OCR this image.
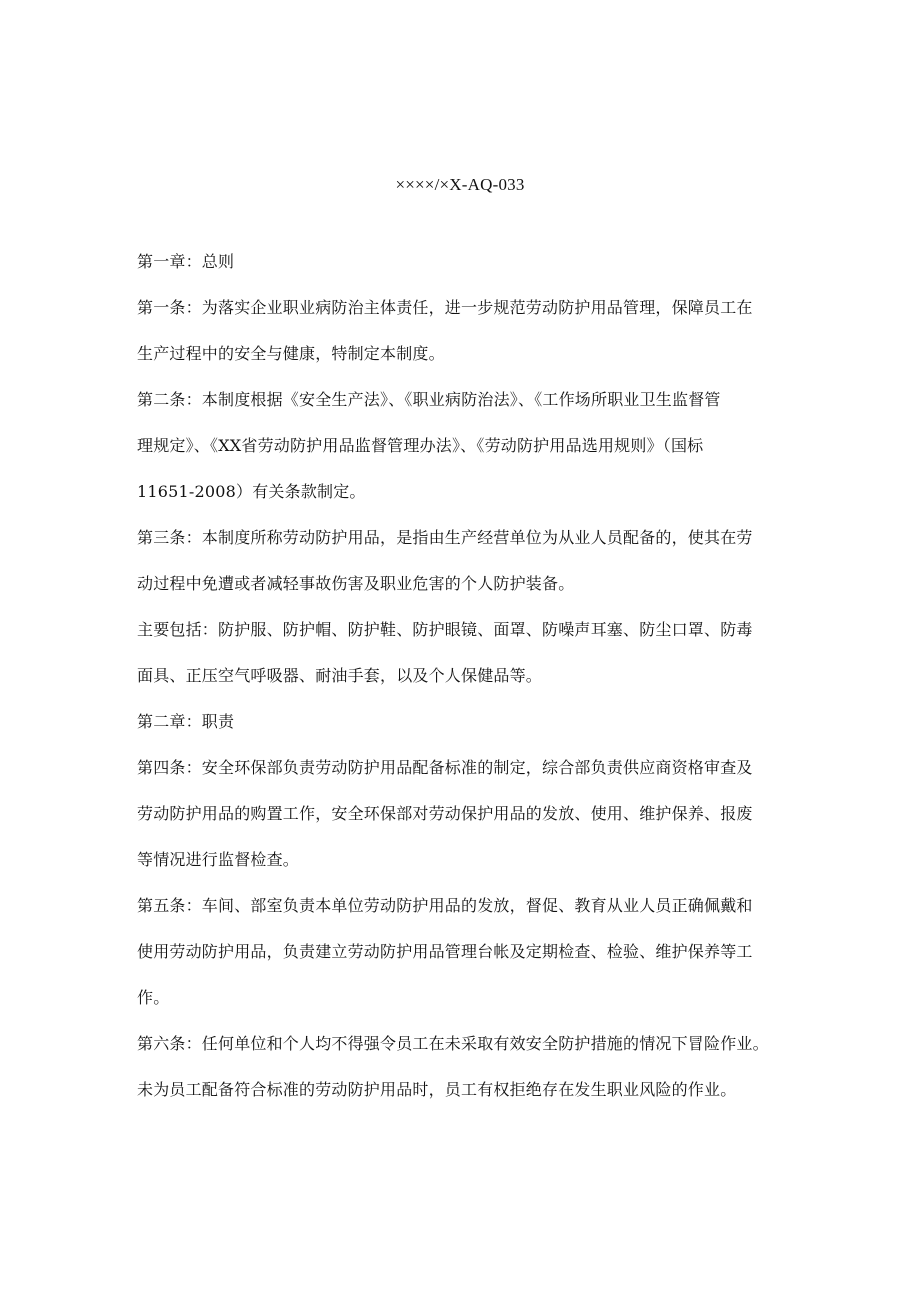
××××/×X-AQ-033

第一章：总则

第一条：为落实企业职业病防治主体责任，进一步规范劳动防护用品管理，保障员工在
生产过程中的安全与健康，特制定本制度。

第二条：本制度根据《安全生产法》、《职业病防治法》、《工作场所职业卫生监督管
理规定》、《XX省劳动防护用品监督管理办法》、《劳动防护用品选用规则》（国标
11651-2008）有关条款制定。

第三条：本制度所称劳动防护用品，是指由生产经营单位为从业人员配备的，使其在劳
动过程中免遭或者减轻事故伤害及职业危害的个人防护装备。

主要包括：防护服、防护帽、防护鞋、防护眼镜、面罩、防噪声耳塞、防尘口罩、防毒
面具、正压空气呼吸器、耐油手套，以及个人保健品等。

第二章：职责

第四条：安全环保部负责劳动防护用品配备标准的制定，综合部负责供应商资格审查及
劳动防护用品的购置工作，安全环保部对劳动保护用品的发放、使用、维护保养、报废
等情况进行监督检查。

第五条：车间、部室负责本单位劳动防护用品的发放，督促、教育从业人员正确佩戴和
使用劳动防护用品，负责建立劳动防护用品管理台帐及定期检查、检验、维护保养等工
作。

第六条：任何单位和个人均不得强令员工在未采取有效安全防护措施的情况下冒险作业。
未为员工配备符合标准的劳动防护用品时，员工有权拒绝存在发生职业风险的作业。
